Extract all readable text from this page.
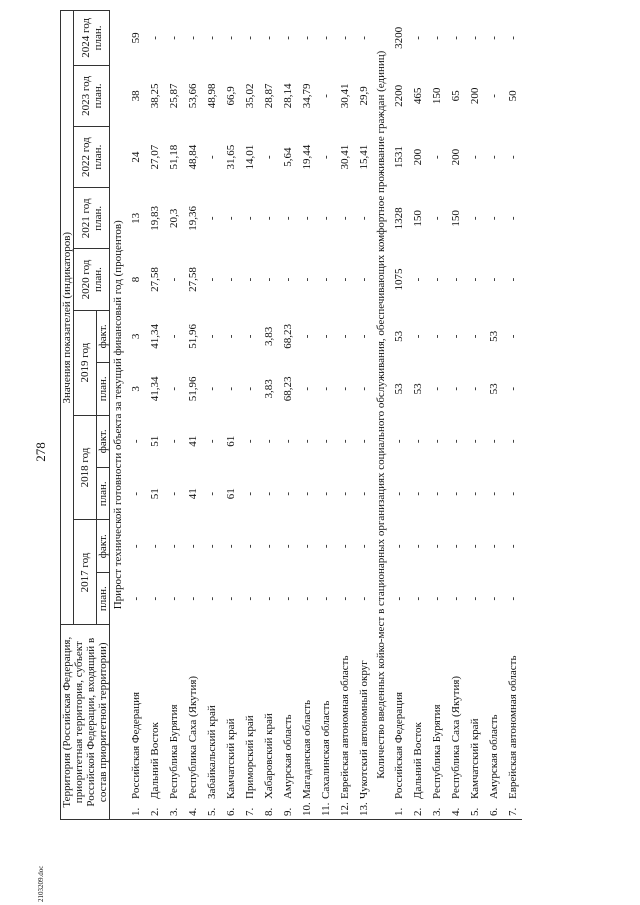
278
2103209.doc
Территория (Российская Федерация, приоритетная территория, субъект Российской Федерации, входящий в состав приоритетной территории)		Значения показателей (индикаторов)										
		2017 год		2018 год		2019 год		2020 год план.	2021 год план.	2022 год план.	2023 год план.	2024 год план.
		план.	факт.	план.	факт.	план.	факт.					
Прирост технической готовности объекта за текущий финансовый год (процентов)												
1.	Российская Федерация	-	-	-	-	3	3	8	13	24	38	59
2.	Дальний Восток	-	-	51	51	41,34	41,34	27,58	19,83	27,07	38,25	-
3.	Республика Бурятия	-	-	-	-	-	-	-	20,3	51,18	25,87	-
4.	Республика Саха (Якутия)	-	-	41	41	51,96	51,96	27,58	19,36	48,84	53,66	-
5.	Забайкальский край	-	-	-	-	-	-	-	-	-	48,98	-
6.	Камчатский край	-	-	61	61	-	-	-	-	31,65	66,9	-
7.	Приморский край	-	-	-	-	-	-	-	-	14,01	35,02	-
8.	Хабаровский край	-	-	-	-	3,83	3,83	-	-	-	28,87	-
9.	Амурская область	-	-	-	-	68,23	68,23	-	-	5,64	28,14	-
10.	Магаданская область	-	-	-	-	-	-	-	-	19,44	34,79	-
11.	Сахалинская область	-	-	-	-	-	-	-	-	-	-	-
12.	Еврейская автономная область	-	-	-	-	-	-	-	-	30,41	30,41	-
13.	Чукотский автономный округ	-	-	-	-	-	-	-	-	15,41	29,9	-
Количество введенных койко-мест в стационарных организациях социального обслуживания, обеспечивающих комфортное проживание граждан (единиц)												
1.	Российская Федерация	-	-	-	-	53	53	1075	1328	1531	2200	3200
2.	Дальний Восток	-	-	-	-	53	-	-	150	200	465	-
3.	Республика Бурятия	-	-	-	-	-	-	-	-	-	150	-
4.	Республика Саха (Якутия)	-	-	-	-	-	-	-	150	200	65	-
5.	Камчатский край	-	-	-	-	-	-	-	-	-	200	-
6.	Амурская область	-	-	-	-	53	53	-	-	-	-	-
7.	Еврейская автономная область	-	-	-	-	-	-	-	-	-	50	-
